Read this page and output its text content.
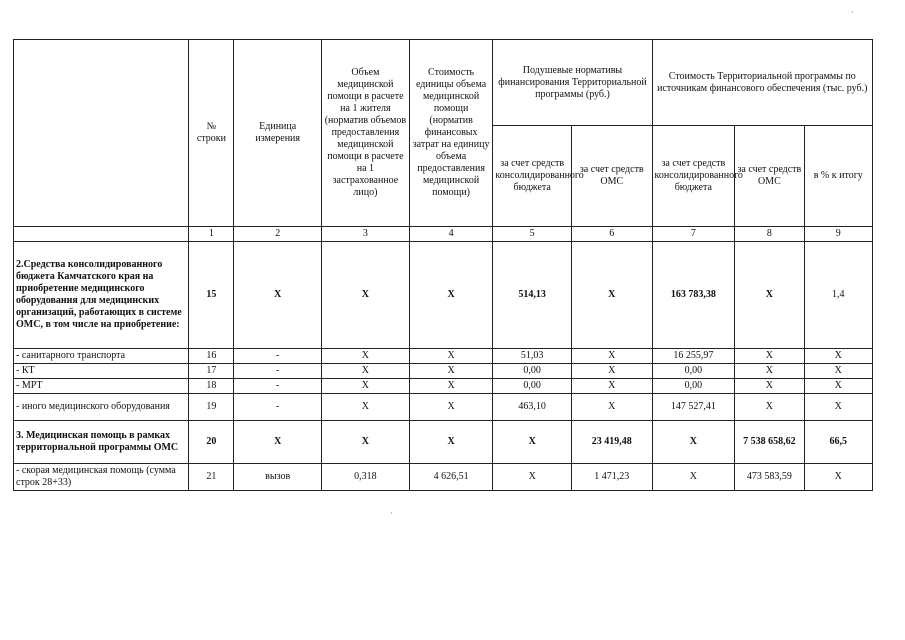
	№ строки	Единица измерения	Объем медицинской помощи в расчете на 1 жителя (норматив объемов предоставления медицинской помощи в расчете на 1 застрахованное лицо)	Стоимость единицы объема медицинской помощи (норматив финансовых затрат на единицу объема предоставления медицинской помощи)	Подушевые нормативы финансирования Территориальной программы (руб.)		Стоимость Территориальной программы по источникам финансового обеспечения (тыс. руб.)		
					за счет средств консолидированного бюджета	за счет средств ОМС	за счет средств консолидированного бюджета	за счет средств ОМС	в % к итогу
	1	2	3	4	5	6	7	8	9
2.Средства консолидированного бюджета Камчатского края на приобретение медицинского оборудования для медицинских организаций, работающих в системе ОМС, в том числе на приобретение:	15	Х	Х	Х	514,13	Х	163 783,38	Х	1,4
- санитарного транспорта	16	-	Х	Х	51,03	Х	16 255,97	Х	Х
- КТ	17	-	Х	Х	0,00	Х	0,00	Х	Х
- МРТ	18	-	Х	Х	0,00	Х	0,00	Х	Х
- иного медицинского оборудования	19	-	Х	Х	463,10	Х	147 527,41	Х	Х
3. Медицинская помощь в рамках территориальной программы ОМС	20	Х	Х	Х	Х	23 419,48	Х	7 538 658,62	66,5
- скорая медицинская помощь (сумма строк 28+33)	21	вызов	0,318	4 626,51	Х	1 471,23	Х	473 583,59	Х
·
·
